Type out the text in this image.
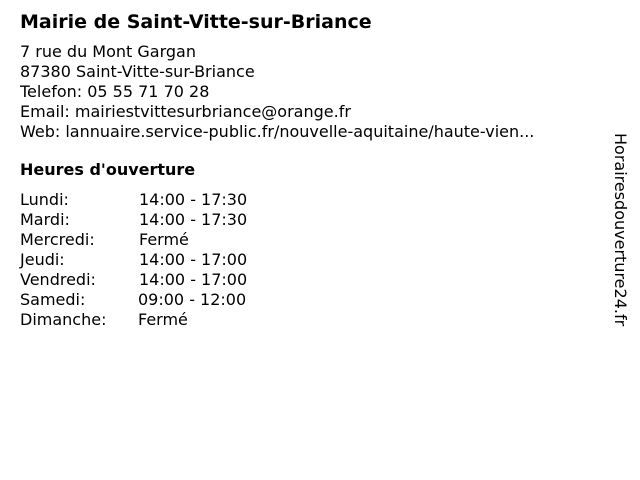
Mairie de Saint-Vitte-sur-Briance
7 rue du Mont Gargan
87380 Saint-Vitte-sur-Briance
Telefon: 05 55 71 70 28
Email: mairiestvittesurbriance@orange.fr
Web: lannuaire.service-public.fr/nouvelle-aquitaine/haute-vien...
Heures d'ouverture
Lundi:	14:00 - 17:30
Mardi:	14:00 - 17:30
Mercredi:	Fermé
Jeudi:	14:00 - 17:00
Vendredi:	14:00 - 17:00
Samedi:	09:00 - 12:00
Dimanche: Fermé	Horairesdouverture24.fr
